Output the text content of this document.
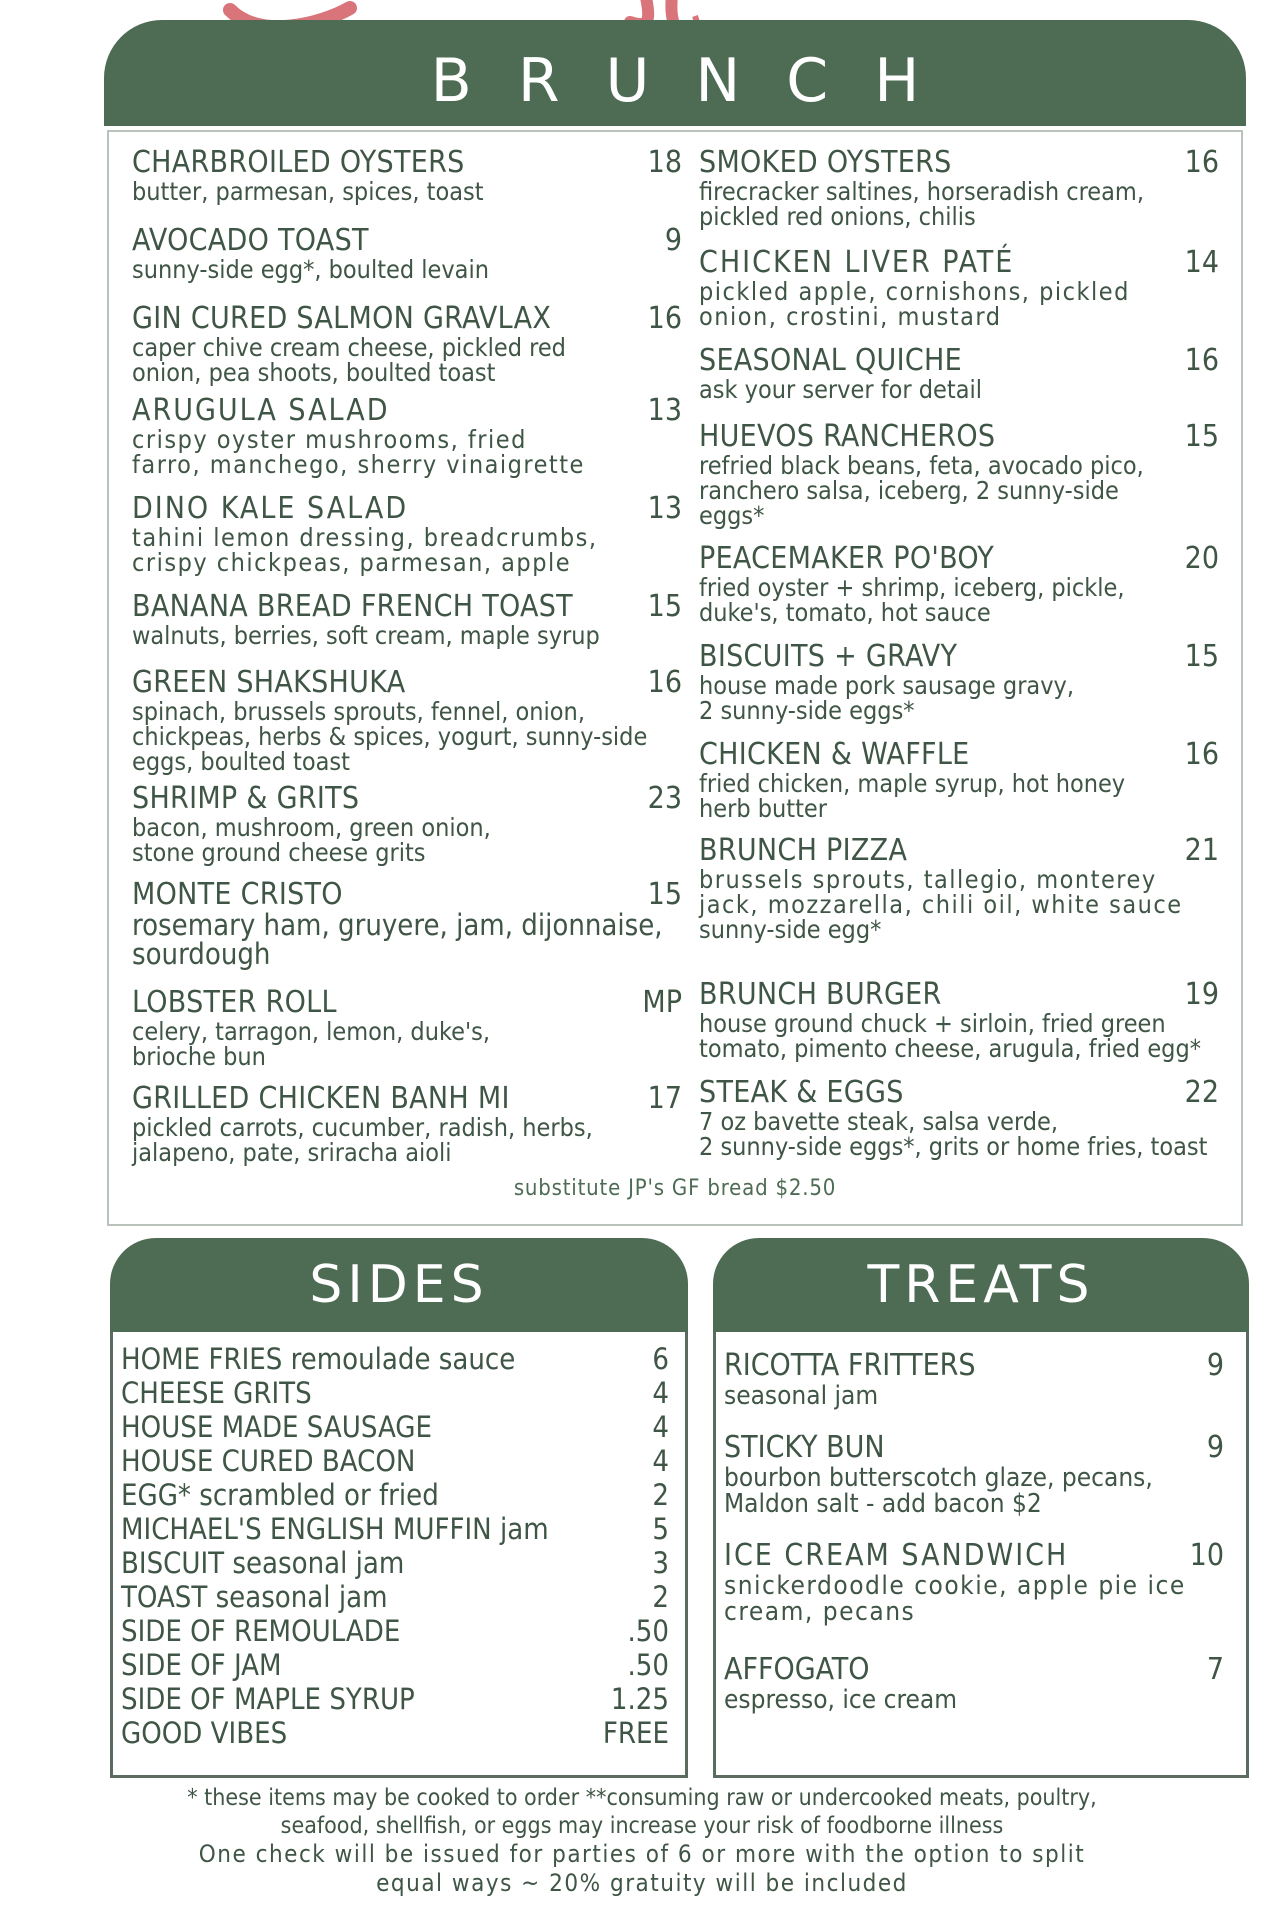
BRUNCH
CHARBROILED OYSTERS	18
butter, parmesan, spices, toast
AVOCADO TOAST	9
sunny-side egg*, boulted levain
GIN CURED SALMON GRAVLAX	16
caper chive cream cheese, pickled red
onion, pea shoots, boulted toast
ARUGULA SALAD	13
crispy oyster mushrooms, fried
farro, manchego, sherry vinaigrette
DINO KALE SALAD	13
tahini lemon dressing, breadcrumbs,
crispy chickpeas, parmesan, apple
BANANA BREAD FRENCH TOAST 15
walnuts, berries, soft cream, maple syrup
GREEN SHAKSHUKA	16
spinach, brussels sprouts, fennel, onion,
chickpeas, herbs & spices, yogurt, sunny-side
eggs, boulted toast
SHRIMP & GRITS	23
bacon, mushroom, green onion,
stone ground cheese grits
MONTE CRISTO	15
rosemary ham, gruyere, jam, dijonnaise,
sourdough
LOBSTER ROLL	MP
celery, tarragon, lemon, duke's,
brioche bun
GRILLED CHICKEN BANH MI	17
pickled carrots, cucumber, radish, herbs,
jalapeno, pate, sriracha aioli
SMOKED OYSTERS	16
firecracker saltines, horseradish cream,
pickled red onions, chilis
CHICKEN LIVER PATÉ	14
pickled apple, cornishons, pickled
onion, crostini, mustard
SEASONAL QUICHE	16
ask your server for detail
HUEVOS RANCHEROS	15
refried black beans, feta, avocado pico,
ranchero salsa, iceberg, 2 sunny-side
eggs*
PEACEMAKER PO'BOY	20
fried oyster + shrimp, iceberg, pickle,
duke's, tomato, hot sauce
BISCUITS + GRAVY	15
house made pork sausage gravy,
2 sunny-side eggs*
CHICKEN & WAFFLE	16
fried chicken, maple syrup, hot honey
herb butter
BRUNCH PIZZA	21
brussels sprouts, tallegio, monterey
jack, mozzarella, chili oil, white sauce
sunny-side egg*
BRUNCH BURGER	19
house ground chuck + sirloin, fried green
tomato, pimento cheese, arugula, fried egg*
STEAK & EGGS	22
7 oz bavette steak, salsa verde,
2 sunny-side eggs*, grits or home fries, toast
substitute JP's GF bread $2.50
SIDES
HOME FRIES remoulade sauce	6
CHEESE GRITS	4
HOUSE MADE SAUSAGE	4
HOUSE CURED BACON	4
EGG* scrambled or fried	2
MICHAEL'S ENGLISH MUFFIN jam	5
BISCUIT seasonal jam	3
TOAST seasonal jam	2
SIDE OF REMOULADE	.50
SIDE OF JAM	.50
SIDE OF MAPLE SYRUP	1.25
GOOD VIBES	FREE
TREATS
RICOTTA FRITTERS	9
seasonal jam
STICKY BUN	9
bourbon butterscotch glaze, pecans,
Maldon salt - add bacon $2
ICE CREAM SANDWICH	10
snickerdoodle cookie, apple pie ice
cream, pecans
AFFOGATO	7
espresso, ice cream
* these items may be cooked to order **consuming raw or undercooked meats, poultry,
seafood, shellfish, or eggs may increase your risk of foodborne illness
One check will be issued for parties of 6 or more with the option to split
equal ways ~ 20% gratuity will be included
